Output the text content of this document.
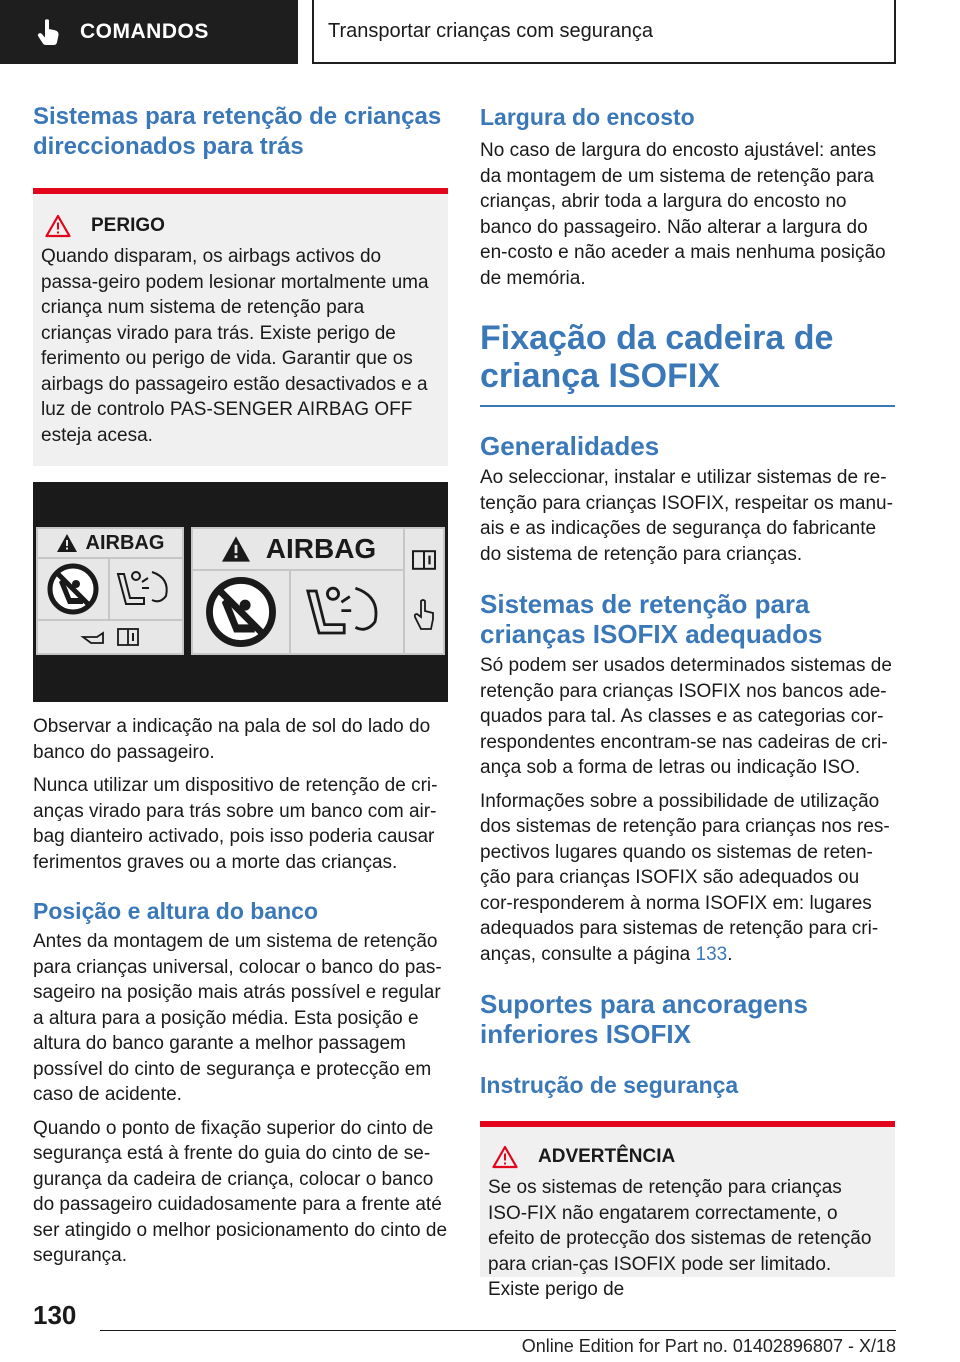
COMANDOS	Transportar crianças com segurança
Sistemas para retenção de crianças direccionados para trás
PERIGO

Quando disparam, os airbags activos do passa-geiro podem lesionar mortalmente uma criança num sistema de retenção para crianças virado para trás. Existe perigo de ferimento ou perigo de vida. Garantir que os airbags do passageiro estão desactivados e a luz de controlo PAS-SENGER AIRBAG OFF esteja acesa.

AIRBAG	AIRBAG

Observar a indicação na pala de sol do lado do banco do passageiro.

Nunca utilizar um dispositivo de retenção de cri-anças virado para trás sobre um banco com air-bag dianteiro activado, pois isso poderia causar ferimentos graves ou a morte das crianças.

Posição e altura do banco

Antes da montagem de um sistema de retenção para crianças universal, colocar o banco do pas-sageiro na posição mais atrás possível e regular a altura para a posição média. Esta posição e altura do banco garante a melhor passagem possível do cinto de segurança e protecção em caso de acidente.

Quando o ponto de fixação superior do cinto de segurança está à frente do guia do cinto de se-gurança da cadeira de criança, colocar o banco do passageiro cuidadosamente para a frente até ser atingido o melhor posicionamento do cinto de segurança.

Largura do encosto

No caso de largura do encosto ajustável: antes da montagem de um sistema de retenção para crianças, abrir toda a largura do encosto no banco do passageiro. Não alterar a largura do en-costo e não aceder a mais nenhuma posição de memória.

Fixação da cadeira de criança ISOFIX
Generalidades

Ao seleccionar, instalar e utilizar sistemas de re-tenção para crianças ISOFIX, respeitar os manu-ais e as indicações de segurança do fabricante do sistema de retenção para crianças.

Sistemas de retenção para crianças ISOFIX adequados

Só podem ser usados determinados sistemas de retenção para crianças ISOFIX nos bancos ade-quados para tal. As classes e as categorias cor-respondentes encontram-se nas cadeiras de cri-ança sob a forma de letras ou indicação ISO.

Informações sobre a possibilidade de utilização dos sistemas de retenção para crianças nos res-pectivos lugares quando os sistemas de reten-ção para crianças ISOFIX são adequados ou cor-responderem à norma ISOFIX em: lugares adequados para sistemas de retenção para cri-anças, consulte a página 133.

Suportes para ancoragens inferiores ISOFIX
Instrução de segurança
ADVERTÊNCIA

Se os sistemas de retenção para crianças ISO-FIX não engatarem correctamente, o efeito de protecção dos sistemas de retenção para crian-ças ISOFIX pode ser limitado. Existe perigo de

130
Online Edition for Part no. 01402896807 - X/18
